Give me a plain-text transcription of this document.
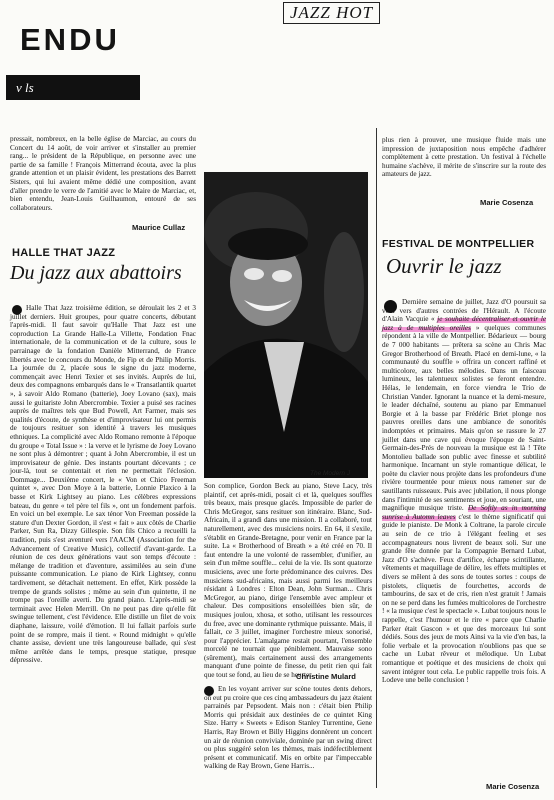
JAZZ HOT
ENDU
v ls
pressait, nombreux, en la belle église de Marciac, au cours du Concert du 14 août, de voir arriver et s'installer au premier rang... le président de la République, en personne avec une partie de sa famille ! François Mitterrand écouta, avec la plus grande attention et un plaisir évident, les prestations des Barrett Sisters, qui lui avaient même dédié une composition, avant d'aller prendre le verre de l'amitié avec le Maire de Marciac, et, bien entendu, Jean-Louis Guilhaumon, entouré de ses collaborateurs.
Maurice Cullaz
HALLE THAT JAZZ
Du jazz aux abattoirs
Halle That Jazz troisième édition, se déroulait les 2 et 3 juillet derniers. Huit groupes, pour quatre concerts, débutant l'après-midi. Il faut savoir qu'Halle That Jazz est une coproduction La Grande Halle-La Villette, Fondation Fnac internationale, de la communication et de la culture, sous le parrainage de la fondation Danièle Mitterrand, de France libertés avec le concours du Monde, de Fip et de Philip Morris. La journée du 2, placée sous le signe du jazz moderne, commençait avec Henri Texier et ses invités. Auprès de lui, deux des compagnons embarqués dans le « Transatlantik quartet », à savoir Aldo Romano (batterie), Joey Lovano (sax), mais aussi le guitariste John Abercrombie. Texier a puisé ses racines auprès de maîtres tels que Bud Powell, Art Farmer, mais ses qualités d'écoute, de synthèse et d'improvisateur lui ont permis de toujours resituer son identité à travers les musiques ethniques. La complicité avec Aldo Romano remonte à l'époque du groupe « Total Issue » : la verve et le lyrisme de Joey Lovano ne sont plus à démontrer ; quant à John Abercrombie, il est un improvisateur de génie. Des instants pourtant décevants ; ce jour-là, tout se contentait et rien ne permettait l'éclosion. Dommage... Deuxième concert, le « Von et Chico Freeman quintet », avec Don Moye à la batterie, Lonnie Plaxico à la basse et Kirk Lightsey au piano. Les célèbres expressions bateau, du genre « tel père tel fils », ont un fondement parfois. En voici un bel exemple. Le sax ténor Von Freeman possède la stature d'un Dexter Gordon, il s'est « fait » aux côtés de Charlie Parker, Sun Ra, Dizzy Gillespie. Son fils Chico a recueilli la tradition, puis s'est aventuré vers l'AACM (Association for the Advancement of Creative Music), collectif d'avant-garde. La réunion de ces deux générations vaut son temps d'écoute : mélange de tradition et d'aventure, assimilées au sein d'une puissante communication. Le piano de Kirk Lightsey, connu tardivement, se détachait nettement. En effet, Kirk possède la trempe de grands solistes ; même au sein d'un quintette, il ne trompe pas l'oreille averti. Du grand piano. L'après-midi se terminait avec Helen Merrill. On ne peut pas dire qu'elle fût swingue tellement, c'est l'évidence. Elle distille un filet de voix diaphane, laissure, voilé d'émotion. Il lui fallait parfois surle point de se rompre, mais il tient. « Round midnight » qu'elle chante assise, devient une très langoureuse ballade, qui s'est même arrêtée dans le temps, presque statique, presque dépressive.
The Modern J
Son complice, Gordon Beck au piano, Steve Lacy, très plaintif, cet après-midi, posait ci et là, quelques souffles très beaux, mais presque glacés. Impossible de parler de Chris McGregor, sans resituer son itinéraire. Blanc, Sud-Africain, il a grandi dans une mission. Il a collaboré, tout naturellement, avec des musiciens noirs. En 64, il s'exile, s'établit en Grande-Bretagne, pour venir en France par la suite. La « Brotherhood of Breath » a été créé en 70. Il faut entendre la une volonté de rassembler, d'unifier, au sein d'un même souffle... celui de la vie. Ils sont quatorze musiciens, avec une forte prédominance des cuivres. Des musiciens sud-africains, mais aussi parmi les meilleurs résidant à Londres : Elton Dean, John Surman... Chris McGregor, au piano, dirige l'ensemble avec ampleur et chaleur. Des compositions ensoleillées bien sûr, de musiques joulou, xhosa, et sotho, utilisant les ressources du free, avec une dominante rythmique puissante. Mais, il fallait, ce 3 juillet, imaginer l'orchestre mieux sonorisé, pour l'apprécier. L'amalgame restait pourtant, l'ensemble morcelé ne tournait que péniblement. Mauvaise sono (sûrement), mais certainement aussi des arrangements manquant d'une pointe de finesse, du petit rien qui fait que tout se fond, au lieu de se heurter.
Christine Mulard
En les voyant arriver sur scène toutes dents dehors, on eut pu croire que ces cinq ambassadeurs du jazz étaient parrainés par Pepsodent. Mais non : c'était bien Philip Morris qui présidait aux destinées de ce quintet King Size. Harry « Sweets » Edison Stanley Turrentine, Gene Harris, Ray Brown et Billy Higgins donnèrent un concert un air de réunion conviviale, dominée par un swing direct ou plus suggéré selon les thèmes, mais indéfectiblement présent et communicatif. Mis en orbite par l'impeccable walking de Ray Brown, Gene Harris...
plus rien à prouver, une musique fluide mais une impression de juxtaposition nous empêche d'adhérer complètement à cette prestation. Un festival à l'échelle humaine s'achève, il mérite de s'inscrire sur la route des amateurs de jazz.
Marie Cosenza
FESTIVAL DE MONTPELLIER
Ouvrir le jazz
Dernière semaine de juillet, Jazz d'O poursuit sa voix vers d'autres contrées de l'Hérault. A l'écoute d'Alain Vacquie « je souhaite décentraliser et ouvrir le jazz à de multiples oreilles » quelques communes répondent à la ville de Montpellier. Bédarieux — bourg de 7 000 habitants — prêtera sa scène au Chris Mac Gregor Brotherhood of Breath. Placé en demi-lune, « la communauté du souffle » offrira un concert raffiné et multicolore, aux belles mélodies. Dans un faisceau lumineux, les talentueux solistes se feront entendre. Hélas, le lendemain, en force viendra le Trio de Christian Vander. Ignorant la nuance et la demi-mesure, le leader déchaîné, soutenu au piano par Emmanuel Borgie et à la basse par Frédéric Briet plonge nos pauvres oreilles dans une ambiance de sonorités indomptées et primaires. Mais qu'on se rassure le 27 juillet dans une cave qui évoque l'époque de Saint-Germain-des-Prés de nouveau la musique est là ! Tête Montolieu ballade son public avec finesse et subtilité harmonique. Incarnant un style romantique délicat, le poète du clavier nous projète dans les profondeurs d'une rivière tourmentée pour mieux nous ramener sur de sautillants ruisseaux. Puis avec jubilation, il nous plonge dans l'intimité de ses sentiments et joue, en souriant, une magnifique musique triste. De Softly as in morning sunrise à Automn leaves c'est le thème significatif qui guide le pianiste. De Monk à Coltrane, la parole circule au sein de ce trio à l'élégant feeling et ses accompagnateurs nous livrent de beaux soli. Sur une grande fête donnée par la Compagnie Bernard Lubat, Jazz d'O s'achève. Feux d'artifice, écharpe scintillante, vêtements et maquillage de délire, les effets multiples et divers se mêlent à des sons de toutes sortes : coups de pistolets, cliquetis de fourchettes, accords de tambourins, de sax et de cris, rien n'est gratuit ! Jamais on ne se perd dans les fumées multicolores de l'orchestre ! « la musique c'est le spectacle ». Lubat toujours nous le rappelle, c'est l'humour et le rire « parce que Charlie Parker était Gascon » et que des morceaux lui sont dédiés. Sous des jeux de mots Ainsi va la vie d'en bas, la folie verbale et la provocation n'oublions pas que se cache un Lubat rêveur et mélodique. Un Lubat romantique et poétique et des musiciens de choix qui savent intégrer tout cela. Le public rappelle trois fois. A Lodeve une belle conclusion !
Marie Cosenza
